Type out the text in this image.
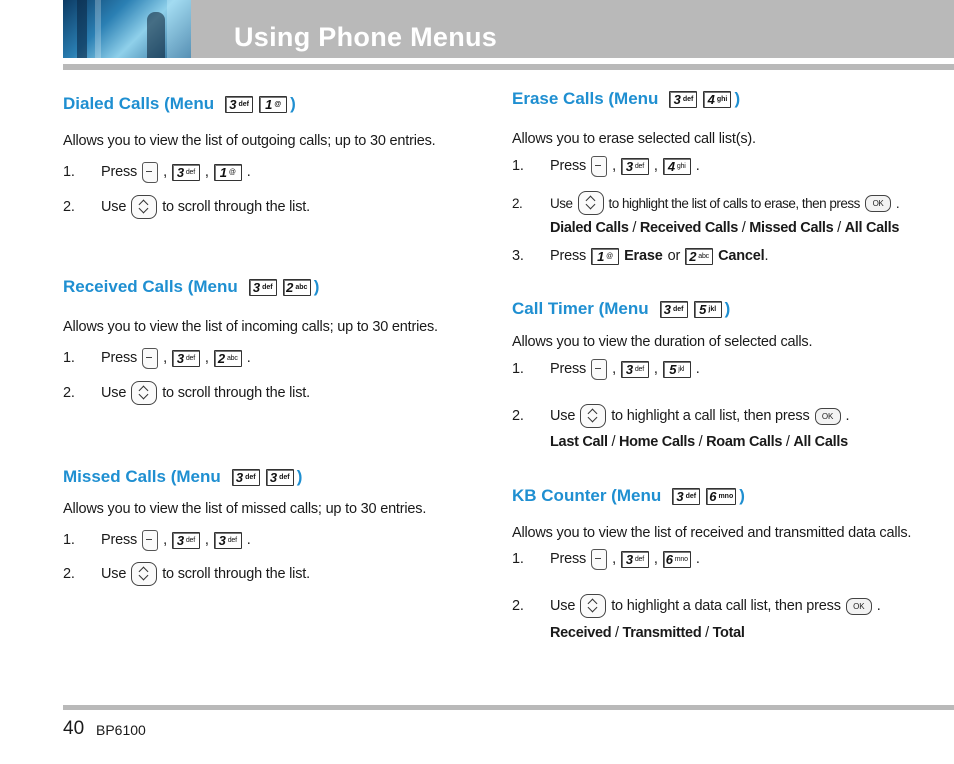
Using Phone Menus
Dialed Calls (Menu 3 def 1 @ )

Allows you to view the list of outgoing calls; up to 30 entries.

1. Press , 3 def , 1 @ .
2. Use to scroll through the list.
Received Calls (Menu 3 def 2 abc )

Allows you to view the list of incoming calls; up to 30 entries.

1. Press , 3 def , 2 abc .
2. Use to scroll through the list.
Missed Calls (Menu 3 def 3 def )

Allows you to view the list of missed calls; up to 30 entries.

1. Press , 3 def , 3 def .
2. Use to scroll through the list.
Erase Calls (Menu 3 def 4 ghi )

Allows you to erase selected call list(s).

1. Press , 3 def , 4 ghi .
2. Use	to highlight the list of calls to erase, then press	OK .
Dialed Calls / Received Calls / Missed Calls / All Calls
3. Press 1 @ Erase or 2 abc Cancel .
Call Timer (Menu 3 def 5 jkl )

Allows you to view the duration of selected calls.

1. Press , 3 def , 5 jkl .
2. Use to highlight a call list, then press	OK .
Last Call / Home Calls / Roam Calls / All Calls
KB Counter (Menu 3 def 6 mno )

Allows you to view the list of received and transmitted data calls.

1. Press , 3 def , 6 mno .
2. Use to highlight a data call list, then press	OK .
Received / Transmitted / Total
40 BP6100
